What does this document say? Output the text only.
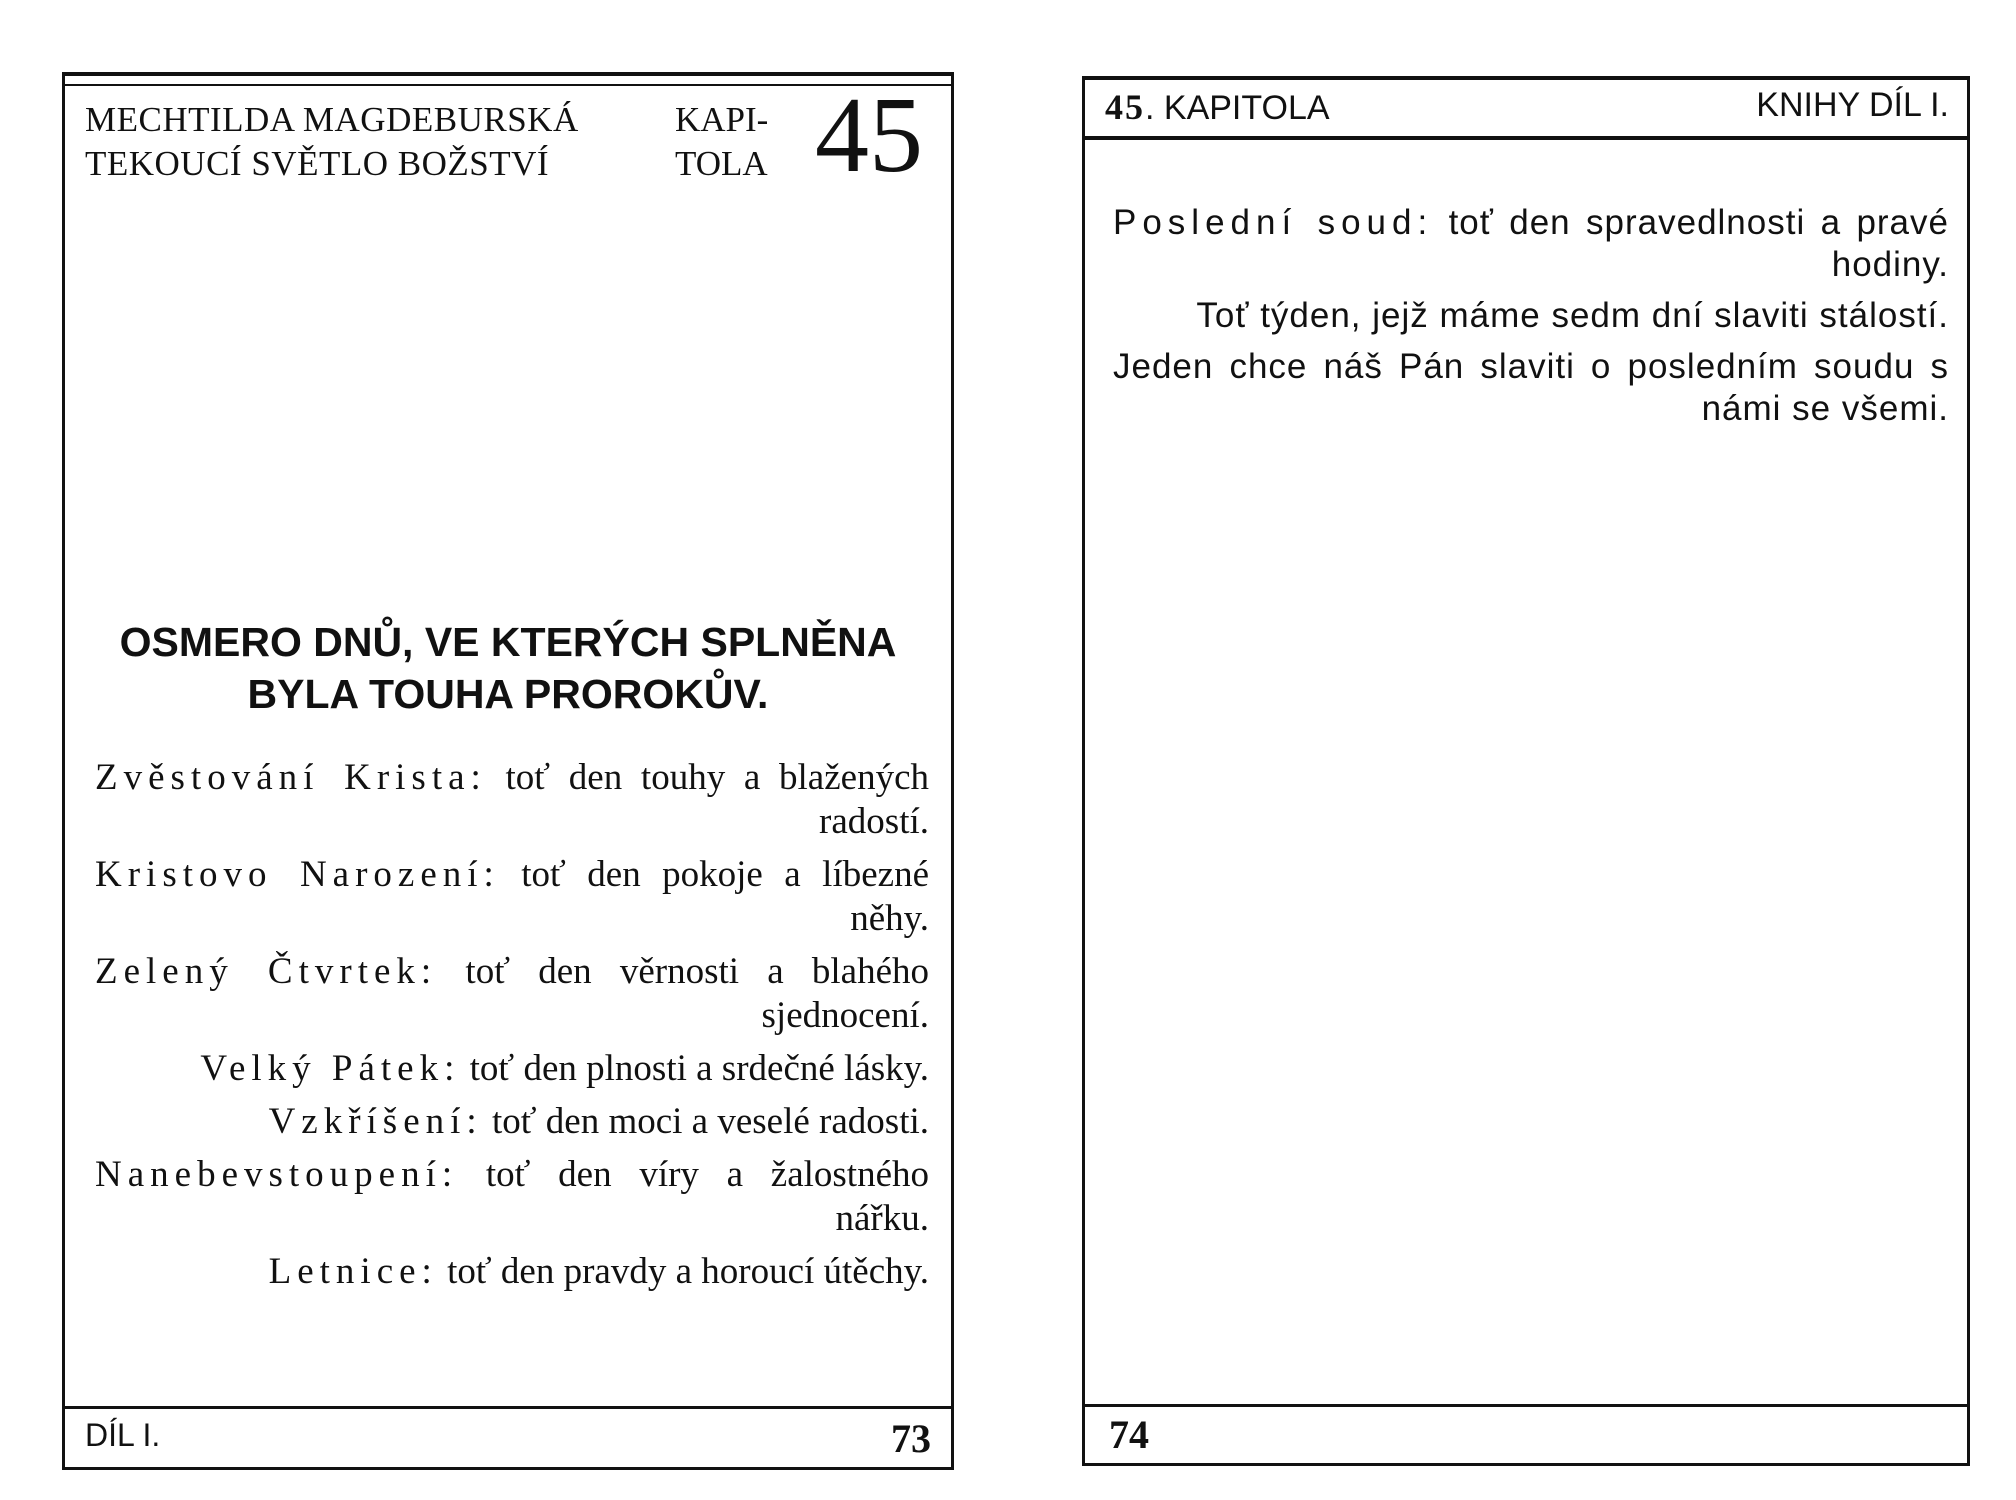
MECHTILDA MAGDEBURSKÁ
TEKOUCÍ SVĚTLO BOŽSTVÍ
KAPI-
TOLA 45
OSMERO DNŮ, VE KTERÝCH SPLNĚNA
BYLA TOUHA PROROKŮV.
Zvěstování Krista: toť den touhy a blažených radostí.
Kristovo Narození: toť den pokoje a líbezné něhy.
Zelený Čtvrtek: toť den věrnosti a blahého sjednocení.
Velký Pátek: toť den plnosti a srdečné lásky.
Vzkříšení: toť den moci a veselé radosti.
Nanebevstoupení: toť den víry a žalostného nářku.
Letnice: toť den pravdy a horoucí útěchy.
DÍL I.	73
45. KAPITOLA	KNIHY DÍL I.
Poslední soud: toť den spravedlnosti a pravé hodiny.
Toť týden, jejž máme sedm dní slaviti stálostí.
Jeden chce náš Pán slaviti o posledním soudu s námi se všemi.
74
